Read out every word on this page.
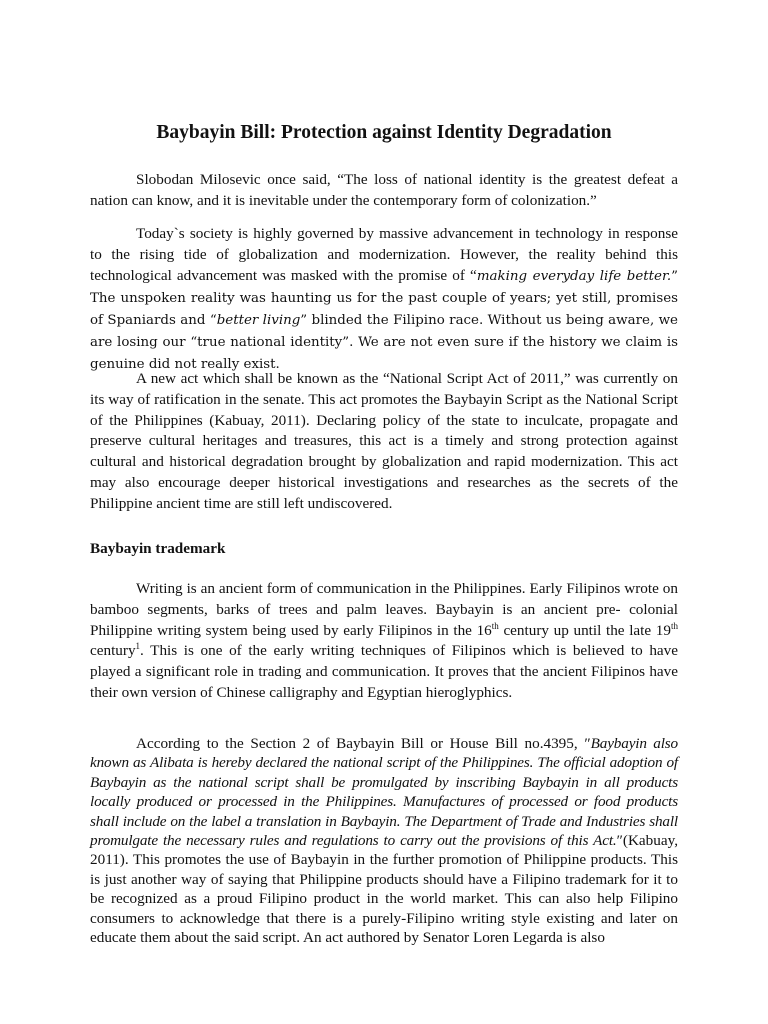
Baybayin Bill: Protection against Identity Degradation

Slobodan Milosevic once said, “The loss of national identity is the greatest defeat a nation can know, and it is inevitable under the contemporary form of colonization.”

Today`s society is highly governed by massive advancement in technology in response to the rising tide of globalization and modernization. However, the reality behind this technological advancement was masked with the promise of “making everyday life better.” The unspoken reality was haunting us for the past couple of years; yet still, promises of Spaniards and “better living” blinded the Filipino race. Without us being aware, we are losing our “true national identity”. We are not even sure if the history we claim is genuine did not really exist.

A new act which shall be known as the “National Script Act of 2011,” was currently on its way of ratification in the senate. This act promotes the Baybayin Script as the National Script of the Philippines (Kabuay, 2011). Declaring policy of the state to inculcate, propagate and preserve cultural heritages and treasures, this act is a timely and strong protection against cultural and historical degradation brought by globalization and rapid modernization. This act may also encourage deeper historical investigations and researches as the secrets of the Philippine ancient time are still left undiscovered.

Baybayin trademark

Writing is an ancient form of communication in the Philippines. Early Filipinos wrote on bamboo segments, barks of trees and palm leaves. Baybayin is an ancient pre- colonial Philippine writing system being used by early Filipinos in the 16th century up until the late 19th century$^1$. This is one of the early writing techniques of Filipinos which is believed to have played a significant role in trading and communication. It proves that the ancient Filipinos have their own version of Chinese calligraphy and Egyptian hieroglyphics.

According to the Section 2 of Baybayin Bill or House Bill no.4395, ″Baybayin also known as Alibata is hereby declared the national script of the Philippines. The official adoption of Baybayin as the national script shall be promulgated by inscribing Baybayin in all products locally produced or processed in the Philippines. Manufactures of processed or food products shall include on the label a translation in Baybayin. The Department of Trade and Industries shall promulgate the necessary rules and regulations to carry out the provisions of this Act.″(Kabuay, 2011). This promotes the use of Baybayin in the further promotion of Philippine products. This is just another way of saying that Philippine products should have a Filipino trademark for it to be recognized as a proud Filipino product in the world market. This can also help Filipino consumers to acknowledge that there is a purely-Filipino writing style existing and later on educate them about the said script. An act authored by Senator Loren Legarda is also
